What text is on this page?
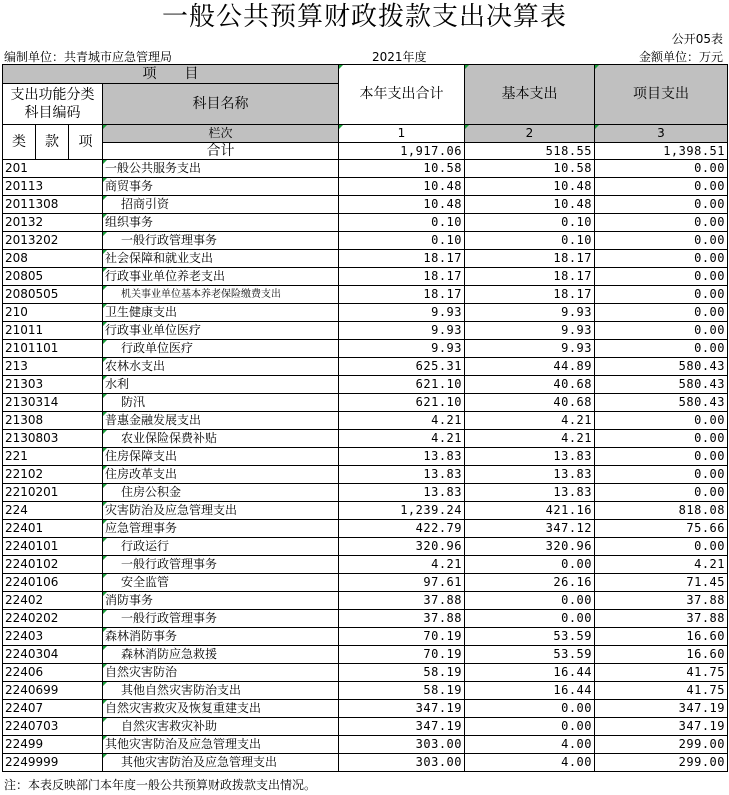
一般公共预算财政拨款支出决算表
公开05表
编制单位：共青城市应急管理局	2021年度	金额单位：万元
项　　目				本年支出合计	基本支出	项目支出
支出功能分类科目编码			科目名称			

类	款	项	栏次	1	2	3
			合计	1,917.06	518.55	1,398.51
201			一般公共服务支出	10.58	10.58	0.00
20113			商贸事务	10.48	10.48	0.00
2011308			招商引资	10.48	10.48	0.00
20132			组织事务	0.10	0.10	0.00
2013202			一般行政管理事务	0.10	0.10	0.00
208			社会保障和就业支出	18.17	18.17	0.00
20805			行政事业单位养老支出	18.17	18.17	0.00
2080505			机关事业单位基本养老保险缴费支出	18.17	18.17	0.00
210			卫生健康支出	9.93	9.93	0.00
21011			行政事业单位医疗	9.93	9.93	0.00
2101101			行政单位医疗	9.93	9.93	0.00
213			农林水支出	625.31	44.89	580.43
21303			水利	621.10	40.68	580.43
2130314			防汛	621.10	40.68	580.43
21308			普惠金融发展支出	4.21	4.21	0.00
2130803			农业保险保费补贴	4.21	4.21	0.00
221			住房保障支出	13.83	13.83	0.00
22102			住房改革支出	13.83	13.83	0.00
2210201			住房公积金	13.83	13.83	0.00
224			灾害防治及应急管理支出	1,239.24	421.16	818.08
22401			应急管理事务	422.79	347.12	75.66
2240101			行政运行	320.96	320.96	0.00
2240102			一般行政管理事务	4.21	0.00	4.21
2240106			安全监管	97.61	26.16	71.45
22402			消防事务	37.88	0.00	37.88
2240202			一般行政管理事务	37.88	0.00	37.88
22403			森林消防事务	70.19	53.59	16.60
2240304			森林消防应急救援	70.19	53.59	16.60
22406			自然灾害防治	58.19	16.44	41.75
2240699			其他自然灾害防治支出	58.19	16.44	41.75
22407			自然灾害救灾及恢复重建支出	347.19	0.00	347.19
2240703			自然灾害救灾补助	347.19	0.00	347.19
22499			其他灾害防治及应急管理支出	303.00	4.00	299.00
2249999			其他灾害防治及应急管理支出	303.00	4.00	299.00
注：本表反映部门本年度一般公共预算财政拨款支出情况。
